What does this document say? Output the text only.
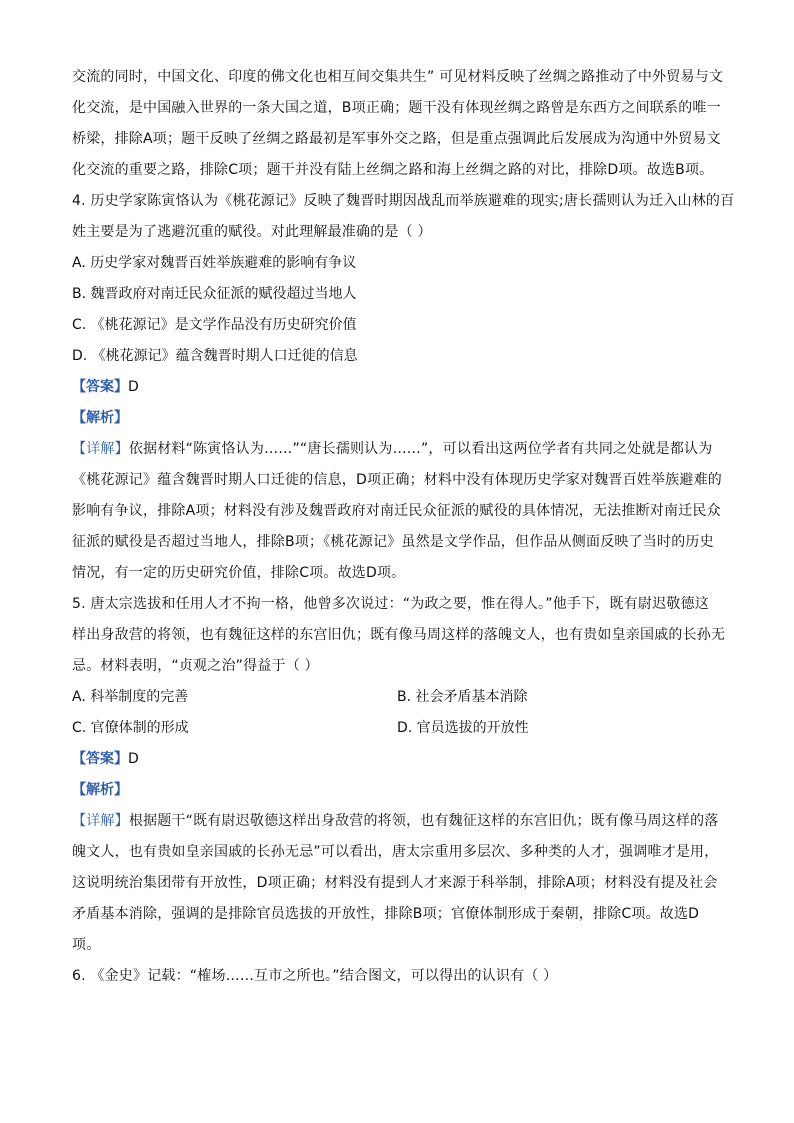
交流的同时，中国文化、印度的佛文化也相互间交集共生” 可见材料反映了丝绸之路推动了中外贸易与文
化交流，是中国融入世界的一条大国之道，B项正确；题干没有体现丝绸之路曾是东西方之间联系的唯一
桥梁，排除A项；题干反映了丝绸之路最初是军事外交之路，但是重点强调此后发展成为沟通中外贸易文
化交流的重要之路，排除C项；题干并没有陆上丝绸之路和海上丝绸之路的对比，排除D项。故选B项。
4. 历史学家陈寅恪认为《桃花源记》反映了魏晋时期因战乱而举族避难的现实;唐长孺则认为迁入山林的百
姓主要是为了逃避沉重的赋役。对此理解最准确的是（ ）

A. 历史学家对魏晋百姓举族避难的影响有争议

B. 魏晋政府对南迁民众征派的赋役超过当地人

C. 《桃花源记》是文学作品没有历史研究价值

D. 《桃花源记》蕴含魏晋时期人口迁徙的信息

【答案】D

【解析】

【详解】依据材料“陈寅恪认为……”“唐长孺则认为……”，可以看出这两位学者有共同之处就是都认为
《桃花源记》蕴含魏晋时期人口迁徙的信息，D项正确；材料中没有体现历史学家对魏晋百姓举族避难的
影响有争议，排除A项；材料没有涉及魏晋政府对南迁民众征派的赋役的具体情况，无法推断对南迁民众
征派的赋役是否超过当地人，排除B项；《桃花源记》虽然是文学作品，但作品从侧面反映了当时的历史
情况，有一定的历史研究价值，排除C项。故选D项。
5. 唐太宗选拔和任用人才不拘一格，他曾多次说过：“为政之要，惟在得人。”他手下，既有尉迟敬德这
样出身敌营的将领，也有魏征这样的东宫旧仇；既有像马周这样的落魄文人，也有贵如皇亲国戚的长孙无
忌。材料表明，“贞观之治”得益于（ ）

A. 科举制度的完善	B. 社会矛盾基本消除

C. 官僚体制的形成	D. 官员选拔的开放性

【答案】D

【解析】

【详解】根据题干“既有尉迟敬德这样出身敌营的将领，也有魏征这样的东宫旧仇；既有像马周这样的落
魄文人，也有贵如皇亲国戚的长孙无忌”可以看出，唐太宗重用多层次、多种类的人才，强调唯才是用，
这说明统治集团带有开放性，D项正确；材料没有提到人才来源于科举制，排除A项；材料没有提及社会
矛盾基本消除，强调的是排除官员选拔的开放性，排除B项；官僚体制形成于秦朝，排除C项。故选D
项。
6. 《金史》记载：“榷场……互市之所也。”结合图文，可以得出的认识有（ ）
